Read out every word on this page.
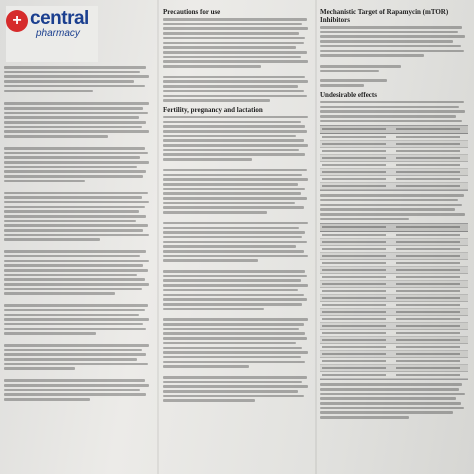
Precautions for use
Fertility, pregnancy and lactation
Mechanistic Target of Rapamycin (mTOR) Inhibitors
Undesirable effects
+ central
pharmacy
